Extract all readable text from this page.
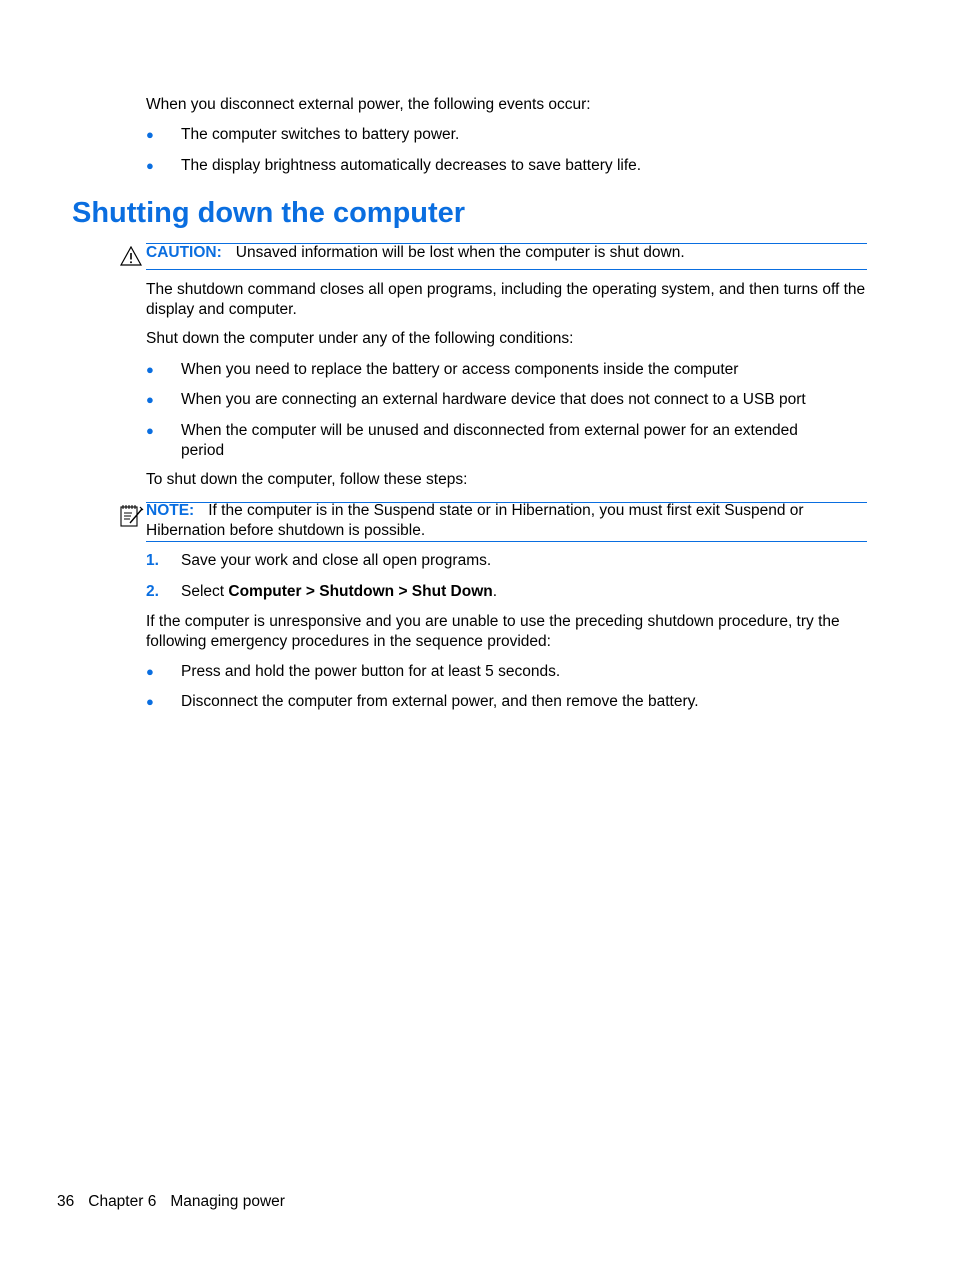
When you disconnect external power, the following events occur:
● The computer switches to battery power.
● The display brightness automatically decreases to save battery life.
Shutting down the computer
CAUTION: Unsaved information will be lost when the computer is shut down.
The shutdown command closes all open programs, including the operating system, and then turns off the display and computer.
Shut down the computer under any of the following conditions:
● When you need to replace the battery or access components inside the computer
● When you are connecting an external hardware device that does not connect to a USB port
● When the computer will be unused and disconnected from external power for an extended period
To shut down the computer, follow these steps:
NOTE: If the computer is in the Suspend state or in Hibernation, you must first exit Suspend or Hibernation before shutdown is possible.
1. Save your work and close all open programs.
2. Select Computer > Shutdown > Shut Down.
If the computer is unresponsive and you are unable to use the preceding shutdown procedure, try the following emergency procedures in the sequence provided:
● Press and hold the power button for at least 5 seconds.
● Disconnect the computer from external power, and then remove the battery.
36 Chapter 6 Managing power
